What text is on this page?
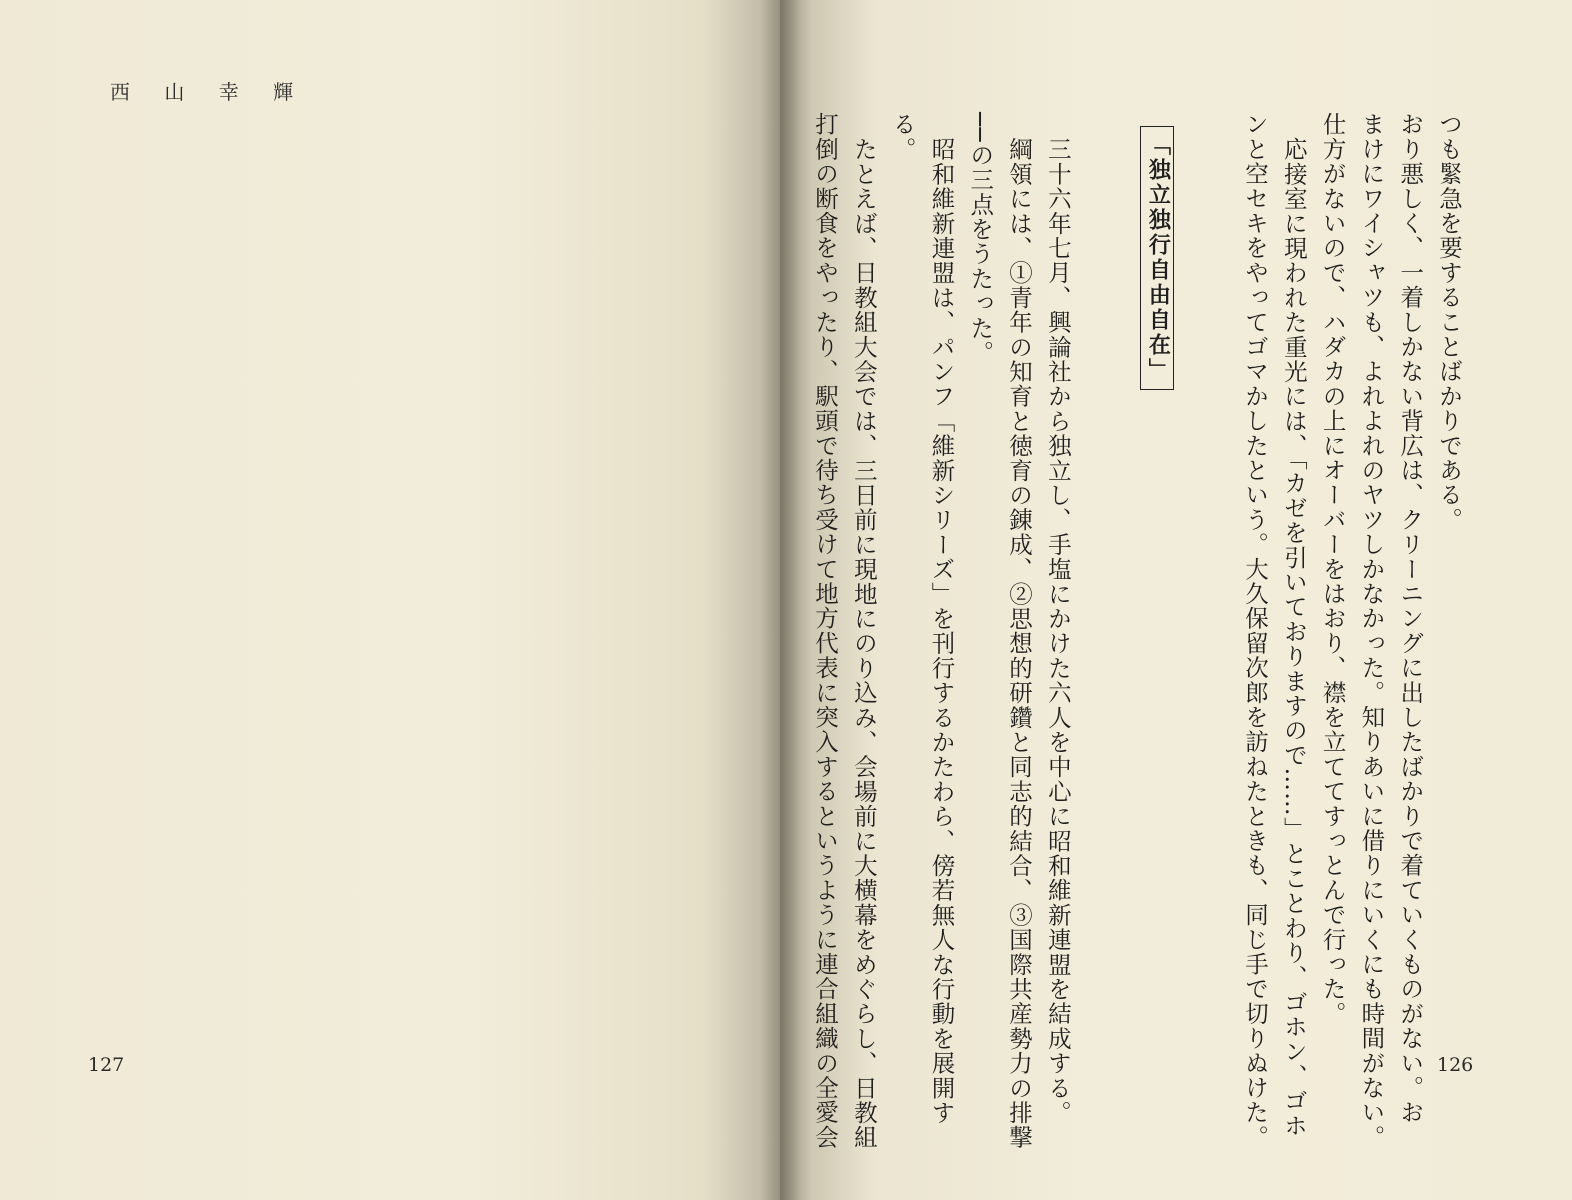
西 山 幸 輝
127
つも緊急を要することばかりである。
おり悪しく、一着しかない背広は、クリーニングに出したばかりで着ていくものがない。お
まけにワイシャツも、よれよれのヤツしかなかった。知りあいに借りにいくにも時間がない。
仕方がないので、ハダカの上にオーバーをはおり、襟を立ててすっとんで行った。
応接室に現われた重光には、「カゼを引いておりますので……」とことわり、ゴホン、ゴホ
ンと空セキをやってゴマかしたという。大久保留次郎を訪ねたときも、同じ手で切りぬけた。

「独立独行自由自在」

三十六年七月、興論社から独立し、手塩にかけた六人を中心に昭和維新連盟を結成する。
綱領には、①青年の知育と徳育の錬成、②思想的研鑽と同志的結合、③国際共産勢力の排撃
──の三点をうたった。
昭和維新連盟は、パンフ「維新シリーズ」を刊行するかたわら、傍若無人な行動を展開す
る。
たとえば、日教組大会では、三日前に現地にのり込み、会場前に大横幕をめぐらし、日教組
打倒の断食をやったり、駅頭で待ち受けて地方代表に突入するというように連合組織の全愛会	126
